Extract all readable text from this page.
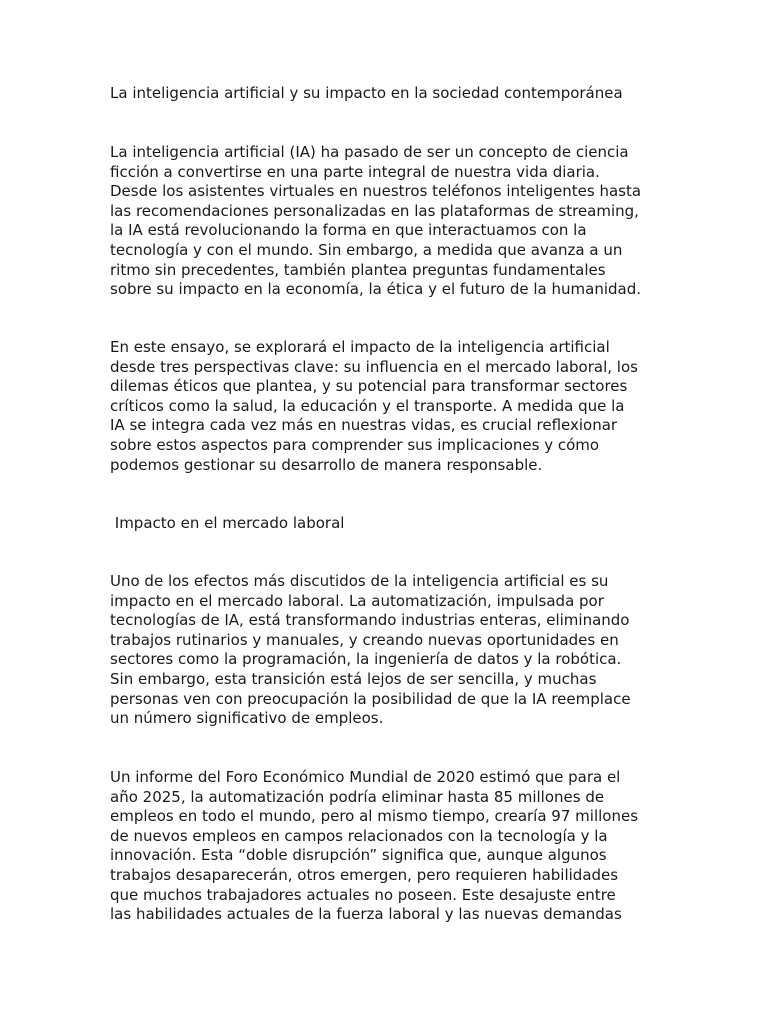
La inteligencia artificial y su impacto en la sociedad contemporánea

La inteligencia artificial (IA) ha pasado de ser un concepto de ciencia

ficción a convertirse en una parte integral de nuestra vida diaria.

Desde los asistentes virtuales en nuestros teléfonos inteligentes hasta

las recomendaciones personalizadas en las plataformas de streaming,

la IA está revolucionando la forma en que interactuamos con la

tecnología y con el mundo. Sin embargo, a medida que avanza a un

ritmo sin precedentes, también plantea preguntas fundamentales

sobre su impacto en la economía, la ética y el futuro de la humanidad.

En este ensayo, se explorará el impacto de la inteligencia artificial

desde tres perspectivas clave: su influencia en el mercado laboral, los

dilemas éticos que plantea, y su potencial para transformar sectores

críticos como la salud, la educación y el transporte. A medida que la

IA se integra cada vez más en nuestras vidas, es crucial reflexionar

sobre estos aspectos para comprender sus implicaciones y cómo

podemos gestionar su desarrollo de manera responsable.

Impacto en el mercado laboral

Uno de los efectos más discutidos de la inteligencia artificial es su

impacto en el mercado laboral. La automatización, impulsada por

tecnologías de IA, está transformando industrias enteras, eliminando

trabajos rutinarios y manuales, y creando nuevas oportunidades en

sectores como la programación, la ingeniería de datos y la robótica.

Sin embargo, esta transición está lejos de ser sencilla, y muchas

personas ven con preocupación la posibilidad de que la IA reemplace

un número significativo de empleos.

Un informe del Foro Económico Mundial de 2020 estimó que para el

año 2025, la automatización podría eliminar hasta 85 millones de

empleos en todo el mundo, pero al mismo tiempo, crearía 97 millones

de nuevos empleos en campos relacionados con la tecnología y la

innovación. Esta “doble disrupción” significa que, aunque algunos

trabajos desaparecerán, otros emergen, pero requieren habilidades

que muchos trabajadores actuales no poseen. Este desajuste entre

las habilidades actuales de la fuerza laboral y las nuevas demandas
